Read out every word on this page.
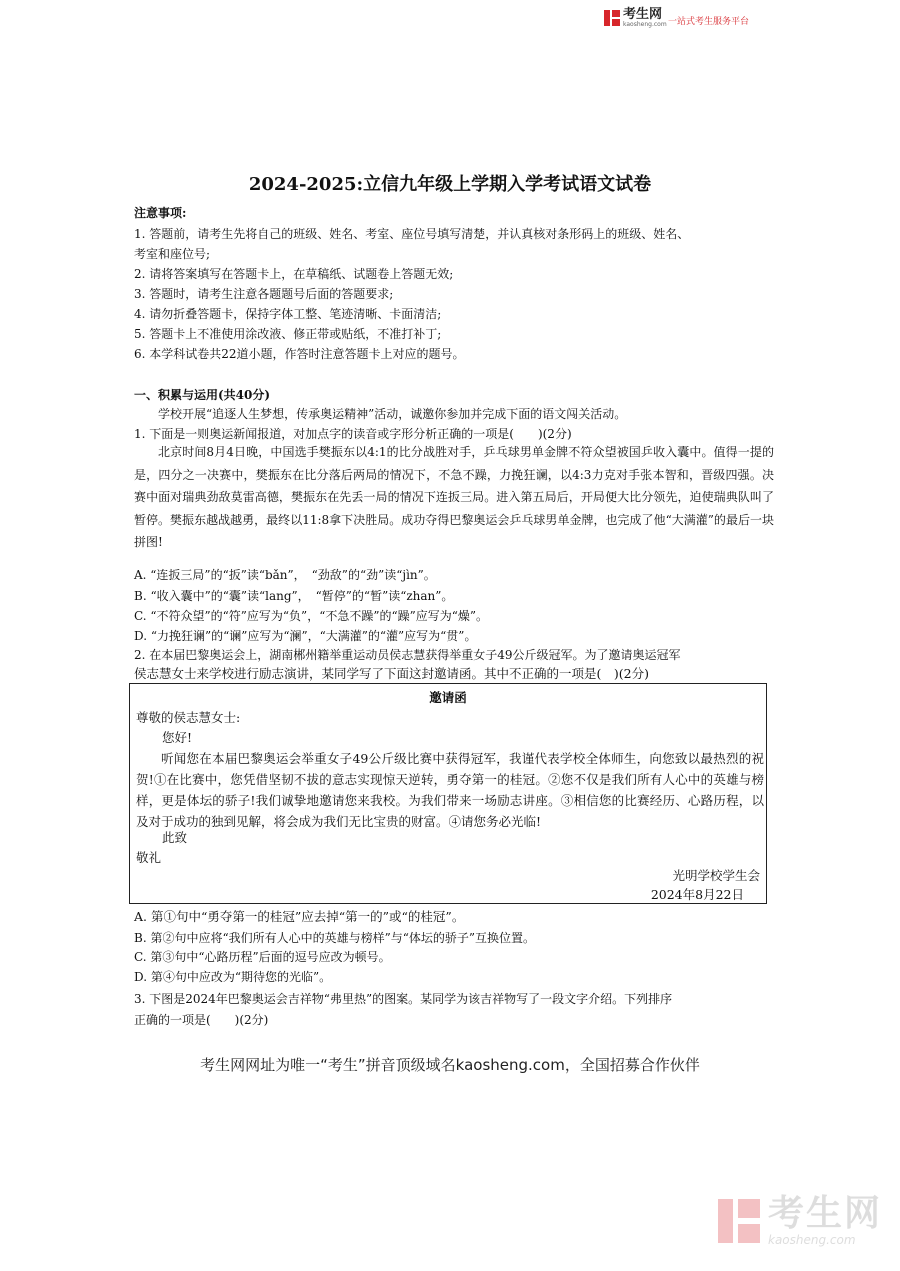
考生网
kaosheng.com 一站式考生服务平台
2024-2025:立信九年级上学期入学考试语文试卷
注意事项:
1. 答题前，请考生先将自己的班级、姓名、考室、座位号填写清楚，并认真核对条形码上的班级、姓名、
考室和座位号;
2. 请将答案填写在答题卡上，在草稿纸、试题卷上答题无效;
3. 答题时，请考生注意各题题号后面的答题要求;
4. 请勿折叠答题卡，保持字体工整、笔迹清晰、卡面清洁;
5. 答题卡上不准使用涂改液、修正带或贴纸，不准打补丁;
6. 本学科试卷共22道小题，作答时注意答题卡上对应的题号。
一、积累与运用(共40分)
学校开展“追逐人生梦想，传承奥运精神”活动，诚邀你参加并完成下面的语文闯关活动。
1. 下面是一则奥运新闻报道，对加点字的读音或字形分析正确的一项是(　　)(2分)
北京时间8月4日晚，中国选手樊振东以4:1的比分战胜对手，乒乓球男单金牌不符众望被国乒收入囊中。值得一提的是，四分之一决赛中，樊振东在比分落后两局的情况下，不急不躁，力挽狂谰，以4:3力克对手张本智和，晋级四强。决赛中面对瑞典劲敌莫雷高德，樊振东在先丢一局的情况下连扳三局。进入第五局后，开局便大比分领先，迫使瑞典队叫了暂停。樊振东越战越勇，最终以11:8拿下决胜局。成功夺得巴黎奥运会乒乓球男单金牌，也完成了他“大满灌”的最后一块拼图!
A. “连扳三局”的“扳”读“bǎn”，　“劲敌”的“劲”读“jìn”。
B. “收入囊中”的“囊”读“lang”，　“暂停”的“暂”读“zhan”。
C. “不符众望”的“符”应写为“负”，“不急不躁”的“躁”应写为“燥”。
D. “力挽狂谰”的“谰”应写为“澜”，“大满灌”的“灌”应写为“贯”。
2. 在本届巴黎奥运会上，湖南郴州籍举重运动员侯志慧获得举重女子49公斤级冠军。为了邀请奥运冠军
侯志慧女士来学校进行励志演讲，某同学写了下面这封邀请函。其中不正确的一项是(　)(2分)
邀请函
尊敬的侯志慧女士:
您好!
听闻您在本届巴黎奥运会举重女子49公斤级比赛中获得冠军，我谨代表学校全体师生，向您致以最热烈的祝贺!①在比赛中，您凭借坚韧不拔的意志实现惊天逆转，勇夺第一的桂冠。②您不仅是我们所有人心中的英雄与榜样，更是体坛的骄子!我们诚挚地邀请您来我校。为我们带来一场励志讲座。③相信您的比赛经历、心路历程，以及对于成功的独到见解，将会成为我们无比宝贵的财富。④请您务必光临!
此致
敬礼
光明学校学生会
2024年8月22日
A. 第①句中“勇夺第一的桂冠”应去掉“第一的”或“的桂冠”。
B. 第②句中应将“我们所有人心中的英雄与榜样”与“体坛的骄子”互换位置。
C. 第③句中“心路历程”后面的逗号应改为顿号。
D. 第④句中应改为“期待您的光临”。
3. 下图是2024年巴黎奥运会吉祥物“弗里热”的图案。某同学为该吉祥物写了一段文字介绍。下列排序
正确的一项是(　　)(2分)
考生网网址为唯一“考生”拼音顶级域名kaosheng.com，全国招募合作伙伴
考生网
kaosheng.com
